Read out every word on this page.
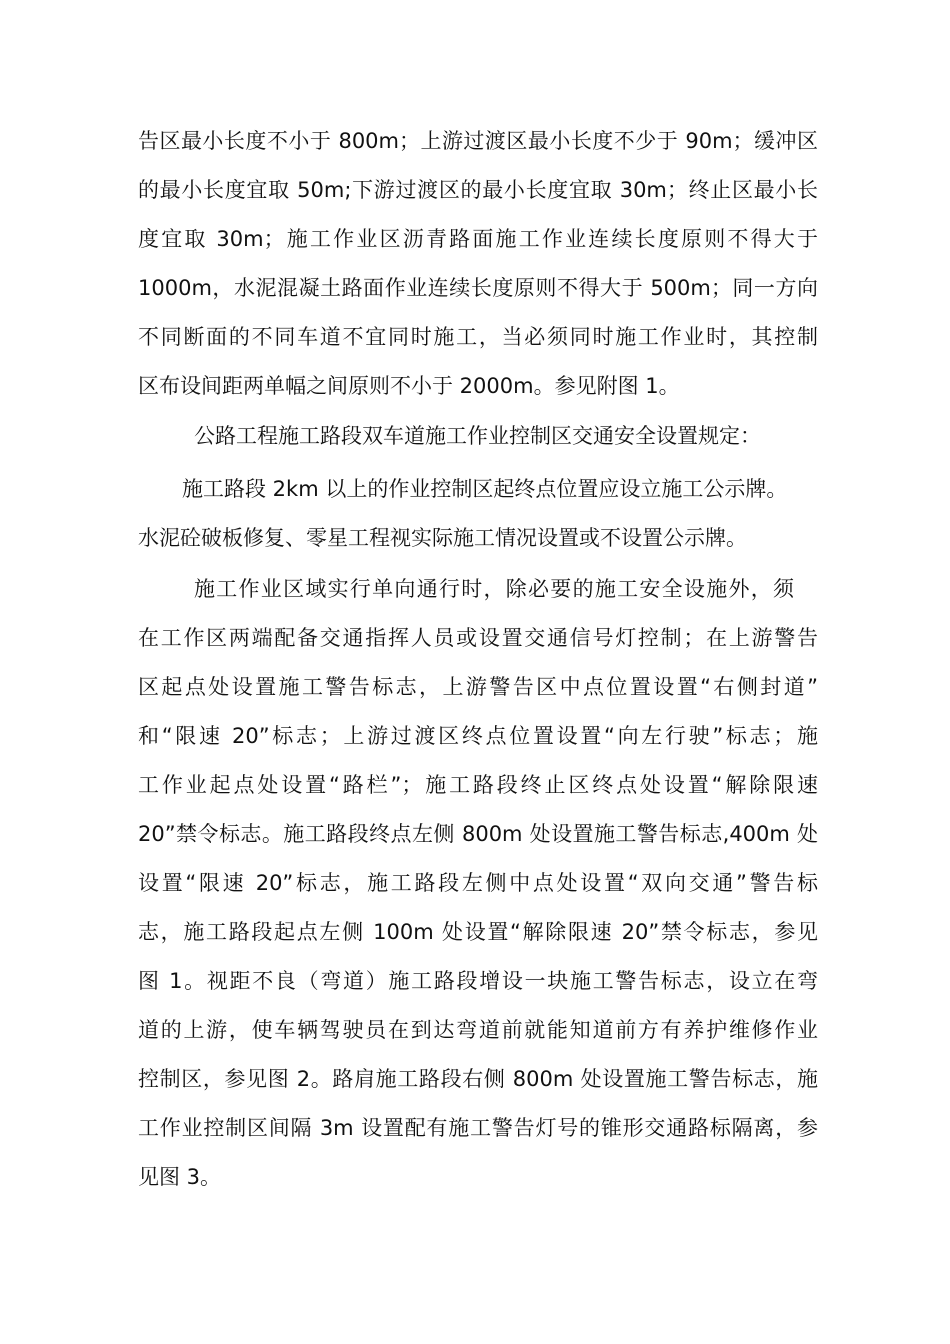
告区最小长度不小于 800m；上游过渡区最小长度不少于 90m；缓冲区
的最小长度宜取 50m;下游过渡区的最小长度宜取 30m；终止区最小长
度宜取 30m；施工作业区沥青路面施工作业连续长度原则不得大于
1000m，水泥混凝土路面作业连续长度原则不得大于 500m；同一方向
不同断面的不同车道不宜同时施工，当必须同时施工作业时，其控制
区布设间距两单幅之间原则不小于 2000m。参见附图 1。
公路工程施工路段双车道施工作业控制区交通安全设置规定：
施工路段 2km 以上的作业控制区起终点位置应设立施工公示牌。
水泥砼破板修复、零星工程视实际施工情况设置或不设置公示牌。
施工作业区域实行单向通行时，除必要的施工安全设施外，须
在工作区两端配备交通指挥人员或设置交通信号灯控制；在上游警告
区起点处设置施工警告标志，上游警告区中点位置设置“右侧封道”
和“限速 20”标志；上游过渡区终点位置设置“向左行驶”标志；施
工作业起点处设置“路栏”；施工路段终止区终点处设置“解除限速
20”禁令标志。施工路段终点左侧 800m 处设置施工警告标志,400m 处
设置“限速 20”标志，施工路段左侧中点处设置“双向交通”警告标
志，施工路段起点左侧 100m 处设置“解除限速 20”禁令标志，参见
图 1。视距不良（弯道）施工路段增设一块施工警告标志，设立在弯
道的上游，使车辆驾驶员在到达弯道前就能知道前方有养护维修作业
控制区，参见图 2。路肩施工路段右侧 800m 处设置施工警告标志，施
工作业控制区间隔 3m 设置配有施工警告灯号的锥形交通路标隔离，参
见图 3。
